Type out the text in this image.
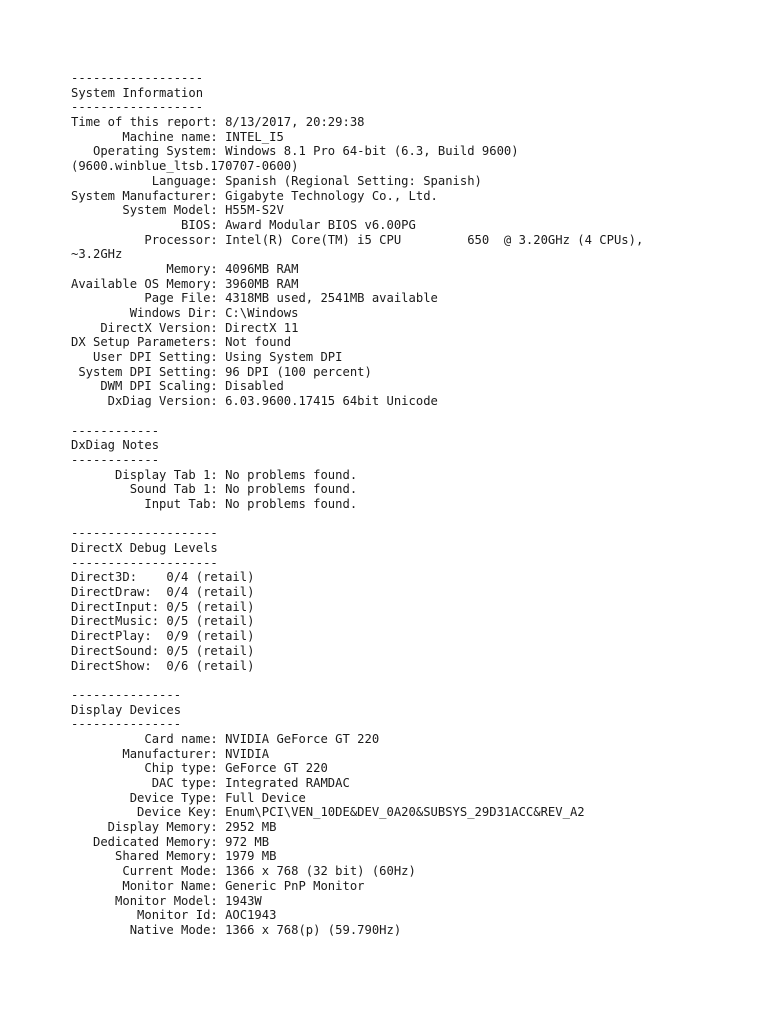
------------------
System Information
------------------
Time of this report: 8/13/2017, 20:29:38
Machine name: INTEL_I5
Operating System: Windows 8.1 Pro 64-bit (6.3, Build 9600)
(9600.winblue_ltsb.170707-0600)
Language: Spanish (Regional Setting: Spanish)
System Manufacturer: Gigabyte Technology Co., Ltd.
System Model: H55M-S2V
BIOS: Award Modular BIOS v6.00PG
Processor: Intel(R) Core(TM) i5 CPU         650  @ 3.20GHz (4 CPUs),
~3.2GHz
Memory: 4096MB RAM
Available OS Memory: 3960MB RAM
Page File: 4318MB used, 2541MB available
Windows Dir: C:\Windows
DirectX Version: DirectX 11
DX Setup Parameters: Not found
User DPI Setting: Using System DPI
System DPI Setting: 96 DPI (100 percent)
DWM DPI Scaling: Disabled
DxDiag Version: 6.03.9600.17415 64bit Unicode
------------
DxDiag Notes
------------
Display Tab 1: No problems found.
Sound Tab 1: No problems found.
Input Tab: No problems found.
--------------------
DirectX Debug Levels
--------------------
Direct3D:    0/4 (retail)
DirectDraw:  0/4 (retail)
DirectInput: 0/5 (retail)
DirectMusic: 0/5 (retail)
DirectPlay:  0/9 (retail)
DirectSound: 0/5 (retail)
DirectShow:  0/6 (retail)
---------------
Display Devices
---------------
Card name: NVIDIA GeForce GT 220
Manufacturer: NVIDIA
Chip type: GeForce GT 220
DAC type: Integrated RAMDAC
Device Type: Full Device
Device Key: Enum\PCI\VEN_10DE&DEV_0A20&SUBSYS_29D31ACC&REV_A2
Display Memory: 2952 MB
Dedicated Memory: 972 MB
Shared Memory: 1979 MB
Current Mode: 1366 x 768 (32 bit) (60Hz)
Monitor Name: Generic PnP Monitor
Monitor Model: 1943W
Monitor Id: AOC1943
Native Mode: 1366 x 768(p) (59.790Hz)
